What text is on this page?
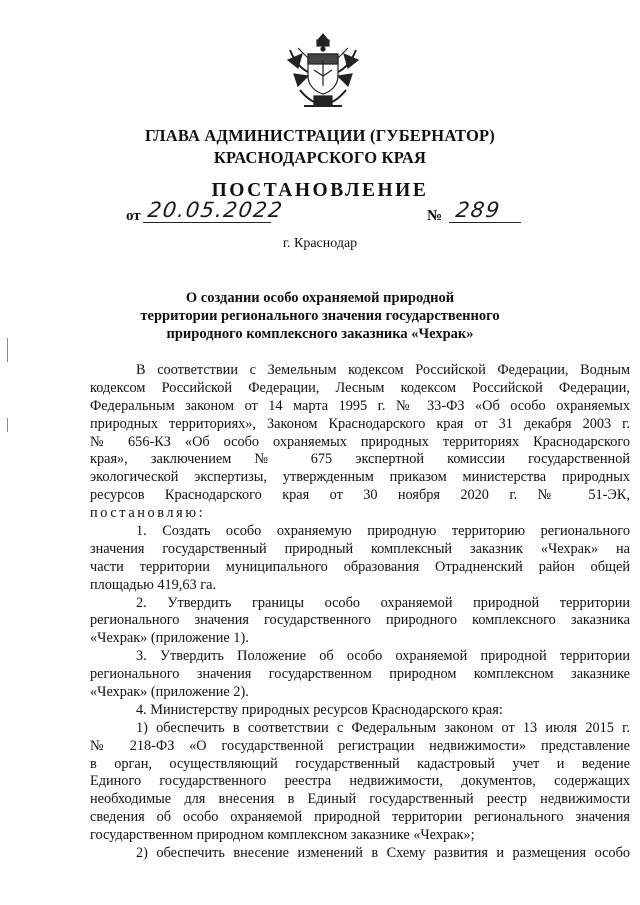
ГЛАВА АДМИНИСТРАЦИИ (ГУБЕРНАТОР)
КРАСНОДАРСКОГО КРАЯ
ПОСТАНОВЛЕНИЕ
от 20.05.2022	№ 289
г. Краснодар
О создании особо охраняемой природной
территории регионального значения государственного
природного комплексного заказника «Чехрак»
В соответствии с Земельным кодексом Российской Федерации, Водным
кодексом Российской Федерации, Лесным кодексом Российской Федерации,
Федеральным законом от 14 марта 1995 г. № 33-ФЗ «Об особо охраняемых
природных территориях», Законом Краснодарского края от 31 декабря 2003 г.
№ 656-КЗ «Об особо охраняемых природных территориях Краснодарского
края», заключением № 675 экспертной комиссии государственной
экологической экспертизы, утвержденным приказом министерства природных
ресурсов Краснодарского края от 30 ноября 2020 г. № 51-ЭК,
постановляю:
1. Создать особо охраняемую природную территорию регионального
значения государственный природный комплексный заказник «Чехрак» на
части территории муниципального образования Отрадненский район общей
площадью 419,63 га.
2. Утвердить границы особо охраняемой природной территории
регионального значения государственного природного комплексного заказника
«Чехрак» (приложение 1).
3. Утвердить Положение об особо охраняемой природной территории
регионального значения государственном природном комплексном заказнике
«Чехрак» (приложение 2).
4. Министерству природных ресурсов Краснодарского края:
1) обеспечить в соответствии с Федеральным законом от 13 июля 2015 г.
№ 218-ФЗ «О государственной регистрации недвижимости» представление
в орган, осуществляющий государственный кадастровый учет и ведение
Единого государственного реестра недвижимости, документов, содержащих
необходимые для внесения в Единый государственный реестр недвижимости
сведения об особо охраняемой природной территории регионального значения
государственном природном комплексном заказнике «Чехрак»;
2) обеспечить внесение изменений в Схему развития и размещения особо
